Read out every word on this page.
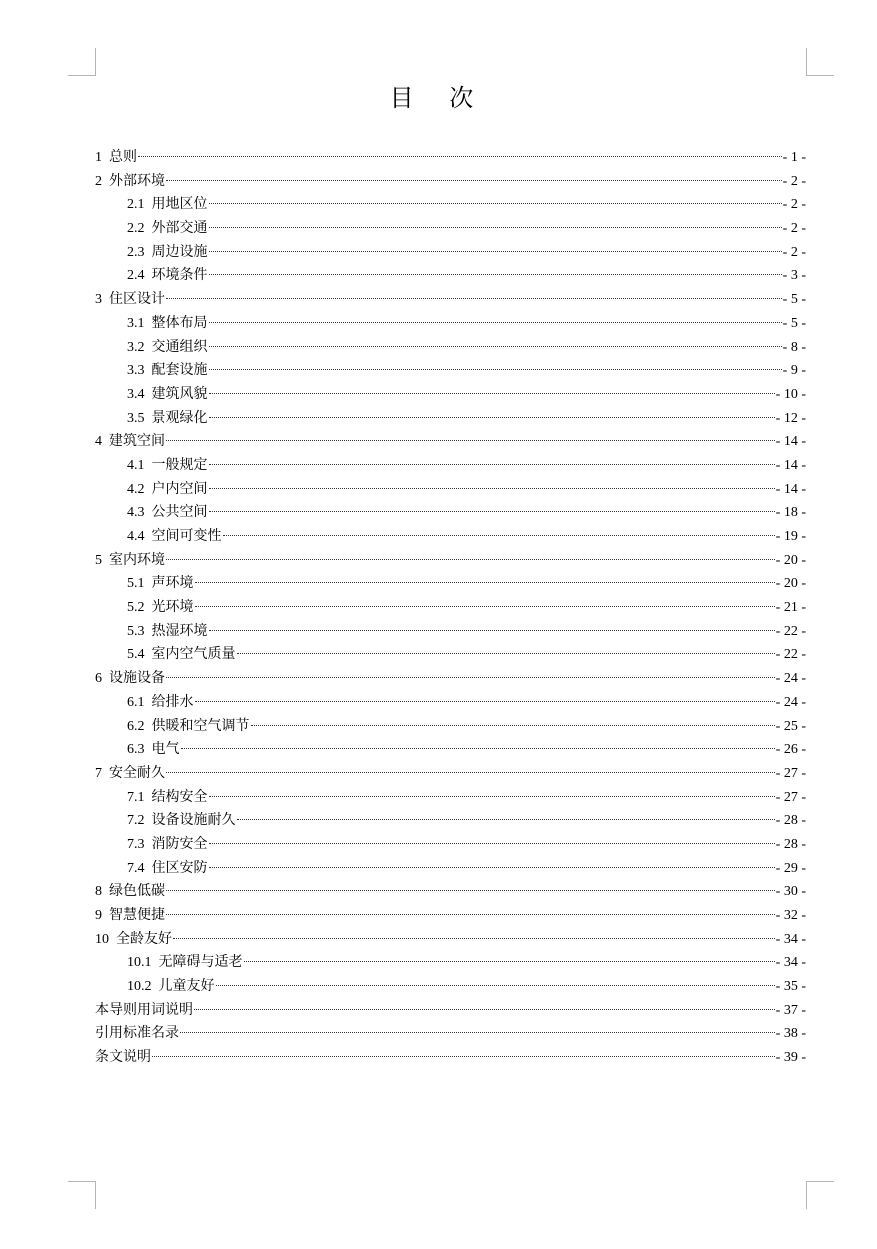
目 次
1 总则	- 1 -
2 外部环境	- 2 -
2.1 用地区位	- 2 -
2.2 外部交通	- 2 -
2.3 周边设施	- 2 -
2.4 环境条件	- 3 -
3 住区设计	- 5 -
3.1 整体布局	- 5 -
3.2 交通组织	- 8 -
3.3 配套设施	- 9 -
3.4 建筑风貌	- 10 -
3.5 景观绿化	- 12 -
4 建筑空间	- 14 -
4.1 一般规定	- 14 -
4.2 户内空间	- 14 -
4.3 公共空间	- 18 -
4.4 空间可变性	- 19 -
5 室内环境	- 20 -
5.1 声环境	- 20 -
5.2 光环境	- 21 -
5.3 热湿环境	- 22 -
5.4 室内空气质量	- 22 -
6 设施设备	- 24 -
6.1 给排水	- 24 -
6.2 供暖和空气调节	- 25 -
6.3 电气	- 26 -
7 安全耐久	- 27 -
7.1 结构安全	- 27 -
7.2 设备设施耐久	- 28 -
7.3 消防安全	- 28 -
7.4 住区安防	- 29 -
8 绿色低碳	- 30 -
9 智慧便捷	- 32 -
10 全龄友好	- 34 -
10.1 无障碍与适老	- 34 -
10.2 儿童友好	- 35 -
本导则用词说明	- 37 -
引用标准名录	- 38 -
条文说明	- 39 -
